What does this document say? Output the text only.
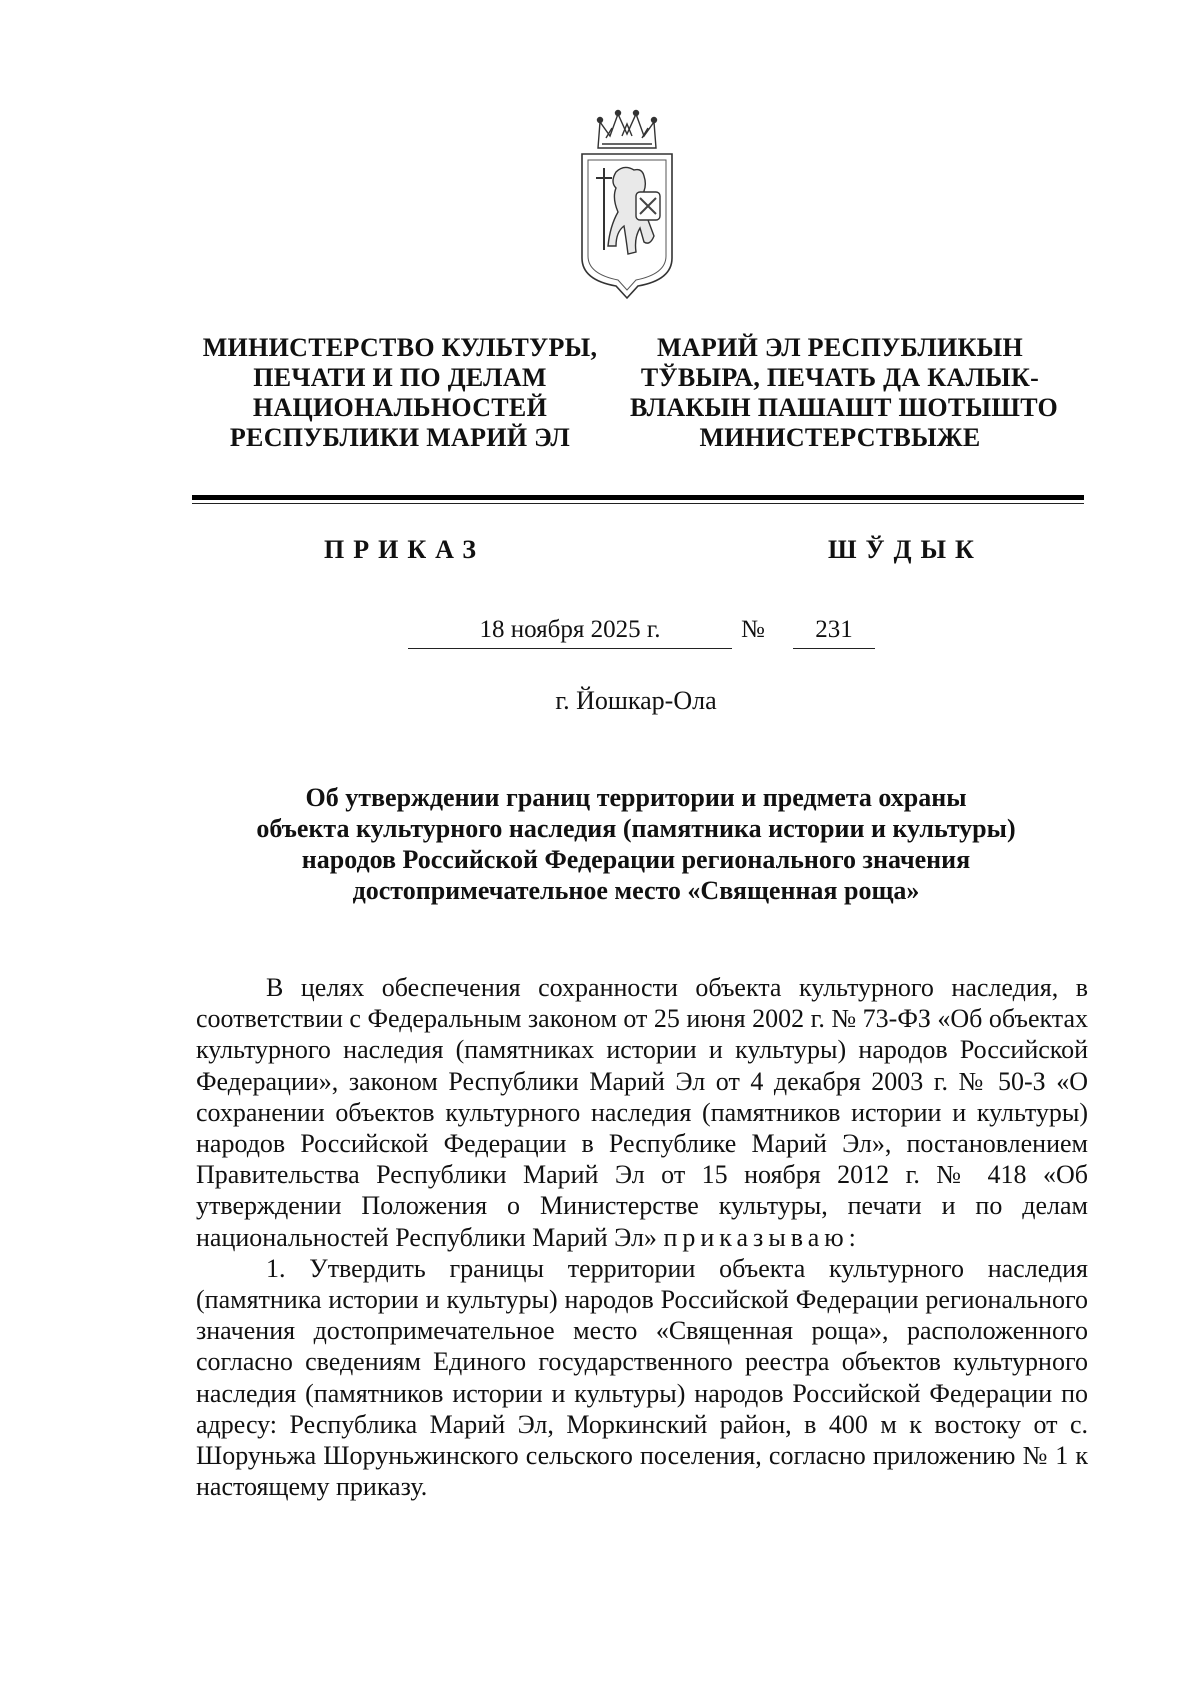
МИНИСТЕРСТВО КУЛЬТУРЫ,
ПЕЧАТИ И ПО ДЕЛАМ
НАЦИОНАЛЬНОСТЕЙ
РЕСПУБЛИКИ МАРИЙ ЭЛ
МАРИЙ ЭЛ РЕСПУБЛИКЫН
ТЎВЫРА, ПЕЧАТЬ ДА КАЛЫК-
ВЛАКЫН ПАШАШТ ШОТЫШТО
МИНИСТЕРСТВЫЖЕ
ПРИКАЗ	ШЎДЫК
18 ноября 2025 г.	№	231
г. Йошкар-Ола
Об утверждении границ территории и предмета охраны
объекта культурного наследия (памятника истории и культуры)
народов Российской Федерации регионального значения
достопримечательное место «Священная роща»

В целях обеспечения сохранности объекта культурного наследия, в соответствии с Федеральным законом от 25 июня 2002 г. № 73-ФЗ «Об объектах культурного наследия (памятниках истории и культуры) народов Российской Федерации», законом Республики Марий Эл от 4 декабря 2003 г. № 50-З «О сохранении объектов культурного наследия (памятников истории и культуры) народов Российской Федерации в Республике Марий Эл», постановлением Правительства Республики Марий Эл от 15 ноября 2012 г. № 418 «Об утверждении Положения о Министерстве культуры, печати и по делам национальностей Республики Марий Эл» приказываю:

1. Утвердить границы территории объекта культурного наследия (памятника истории и культуры) народов Российской Федерации регионального значения достопримечательное место «Священная роща», расположенного согласно сведениям Единого государственного реестра объектов культурного наследия (памятников истории и культуры) народов Российской Федерации по адресу: Республика Марий Эл, Моркинский район, в 400 м к востоку от с. Шоруньжа Шоруньжинского сельского поселения, согласно приложению № 1 к настоящему приказу.
